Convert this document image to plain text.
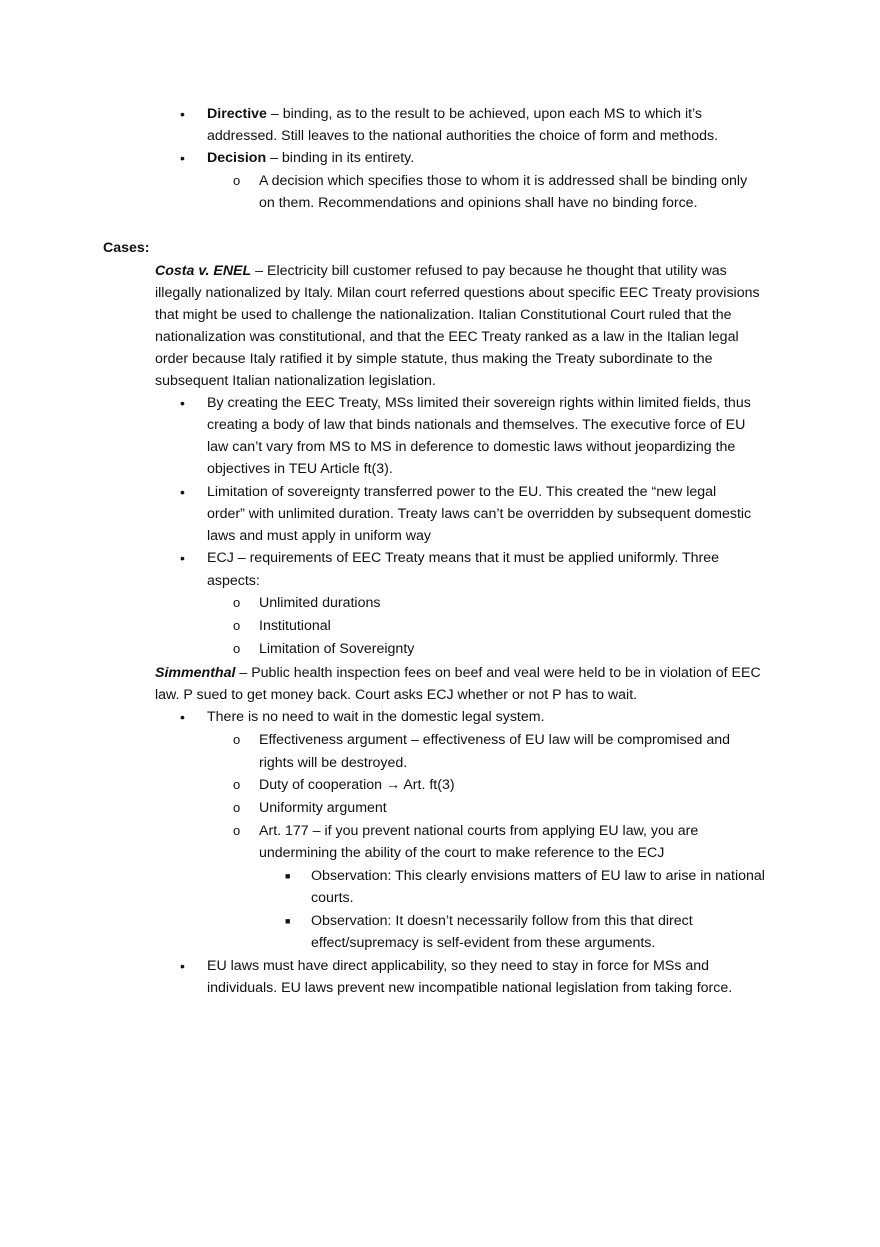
• Directive – binding, as to the result to be achieved, upon each MS to which it’s
addressed. Still leaves to the national authorities the choice of form and methods.
• Decision – binding in its entirety.
o A decision which specifies those to whom it is addressed shall be binding only
on them. Recommendations and opinions shall have no binding force.
Cases:
Costa v. ENEL – Electricity bill customer refused to pay because he thought that utility was
illegally nationalized by Italy. Milan court referred questions about specific EEC Treaty provisions
that might be used to challenge the nationalization. Italian Constitutional Court ruled that the
nationalization was constitutional, and that the EEC Treaty ranked as a law in the Italian legal
order because Italy ratified it by simple statute, thus making the Treaty subordinate to the
subsequent Italian nationalization legislation.
• By creating the EEC Treaty, MSs limited their sovereign rights within limited fields, thus
creating a body of law that binds nationals and themselves. The executive force of EU
law can’t vary from MS to MS in deference to domestic laws without jeopardizing the
objectives in TEU Article ft(3).
• Limitation of sovereignty transferred power to the EU. This created the “new legal
order” with unlimited duration. Treaty laws can’t be overridden by subsequent domestic
laws and must apply in uniform way
• ECJ – requirements of EEC Treaty means that it must be applied uniformly. Three
aspects:
o Unlimited durations
o Institutional
o Limitation of Sovereignty
Simmenthal – Public health inspection fees on beef and veal were held to be in violation of EEC
law. P sued to get money back. Court asks ECJ whether or not P has to wait.
• There is no need to wait in the domestic legal system.
o Effectiveness argument – effectiveness of EU law will be compromised and
rights will be destroyed.
o Duty of cooperation → Art. ft(3)
o Uniformity argument
o Art. 177 – if you prevent national courts from applying EU law, you are
undermining the ability of the court to make reference to the ECJ
■ Observation: This clearly envisions matters of EU law to arise in national
courts.
■ Observation: It doesn’t necessarily follow from this that direct
effect/supremacy is self-evident from these arguments.
• EU laws must have direct applicability, so they need to stay in force for MSs and
individuals. EU laws prevent new incompatible national legislation from taking force.
